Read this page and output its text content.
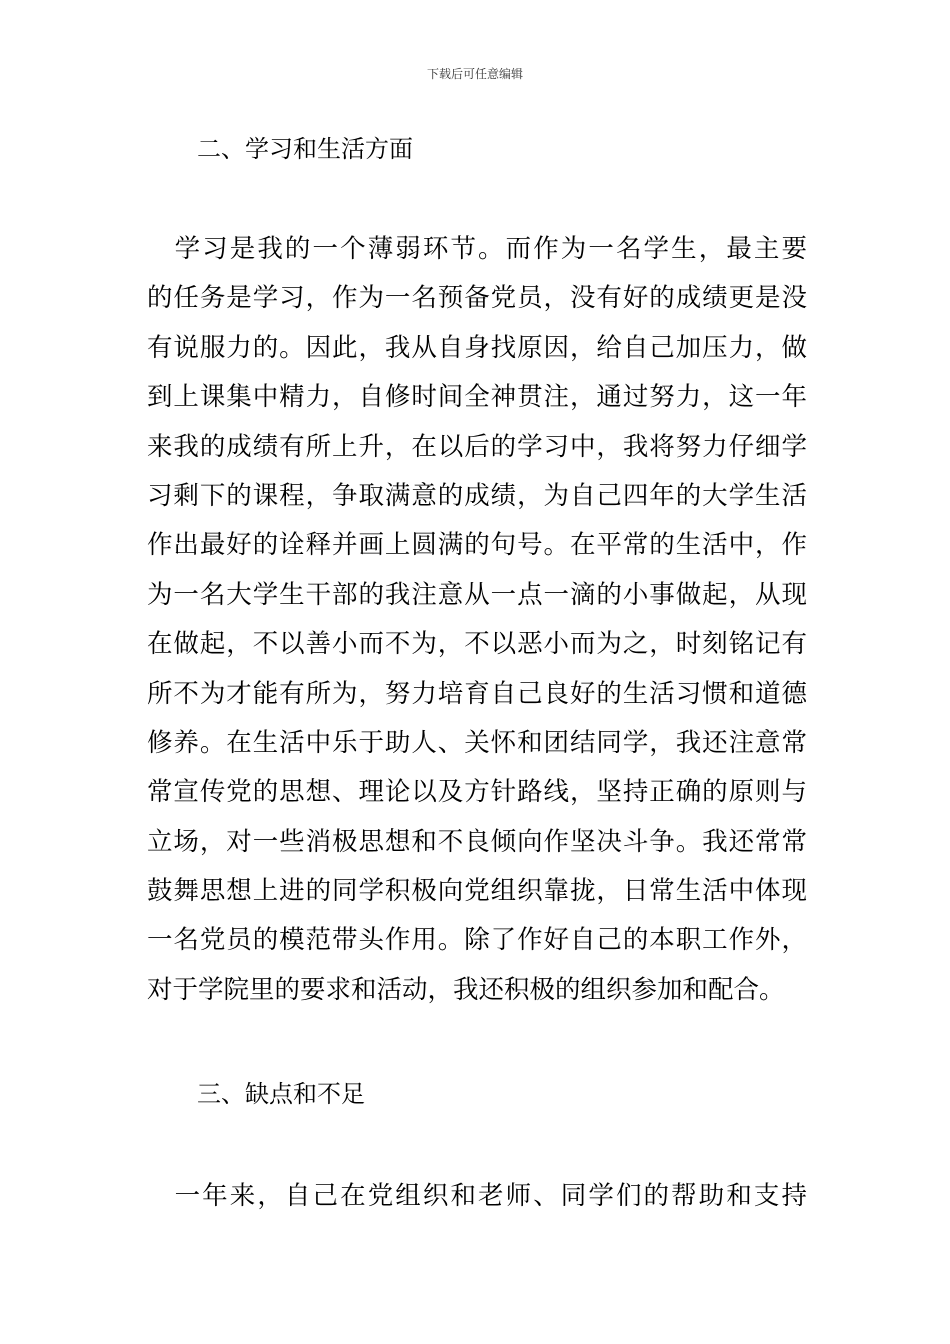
下载后可任意编辑
二、学习和生活方面
　学习是我的一个薄弱环节。而作为一名学生，最主要
的任务是学习，作为一名预备党员，没有好的成绩更是没
有说服力的。因此，我从自身找原因，给自己加压力，做
到上课集中精力，自修时间全神贯注，通过努力，这一年
来我的成绩有所上升，在以后的学习中，我将努力仔细学
习剩下的课程，争取满意的成绩，为自己四年的大学生活
作出最好的诠释并画上圆满的句号。在平常的生活中，作
为一名大学生干部的我注意从一点一滴的小事做起，从现
在做起，不以善小而不为，不以恶小而为之，时刻铭记有
所不为才能有所为，努力培育自己良好的生活习惯和道德
修养。在生活中乐于助人、关怀和团结同学，我还注意常
常宣传党的思想、理论以及方针路线，坚持正确的原则与
立场，对一些消极思想和不良倾向作坚决斗争。我还常常
鼓舞思想上进的同学积极向党组织靠拢，日常生活中体现
一名党员的模范带头作用。除了作好自己的本职工作外，
对于学院里的要求和活动，我还积极的组织参加和配合。
三、缺点和不足
　一年来，自己在党组织和老师、同学们的帮助和支持
